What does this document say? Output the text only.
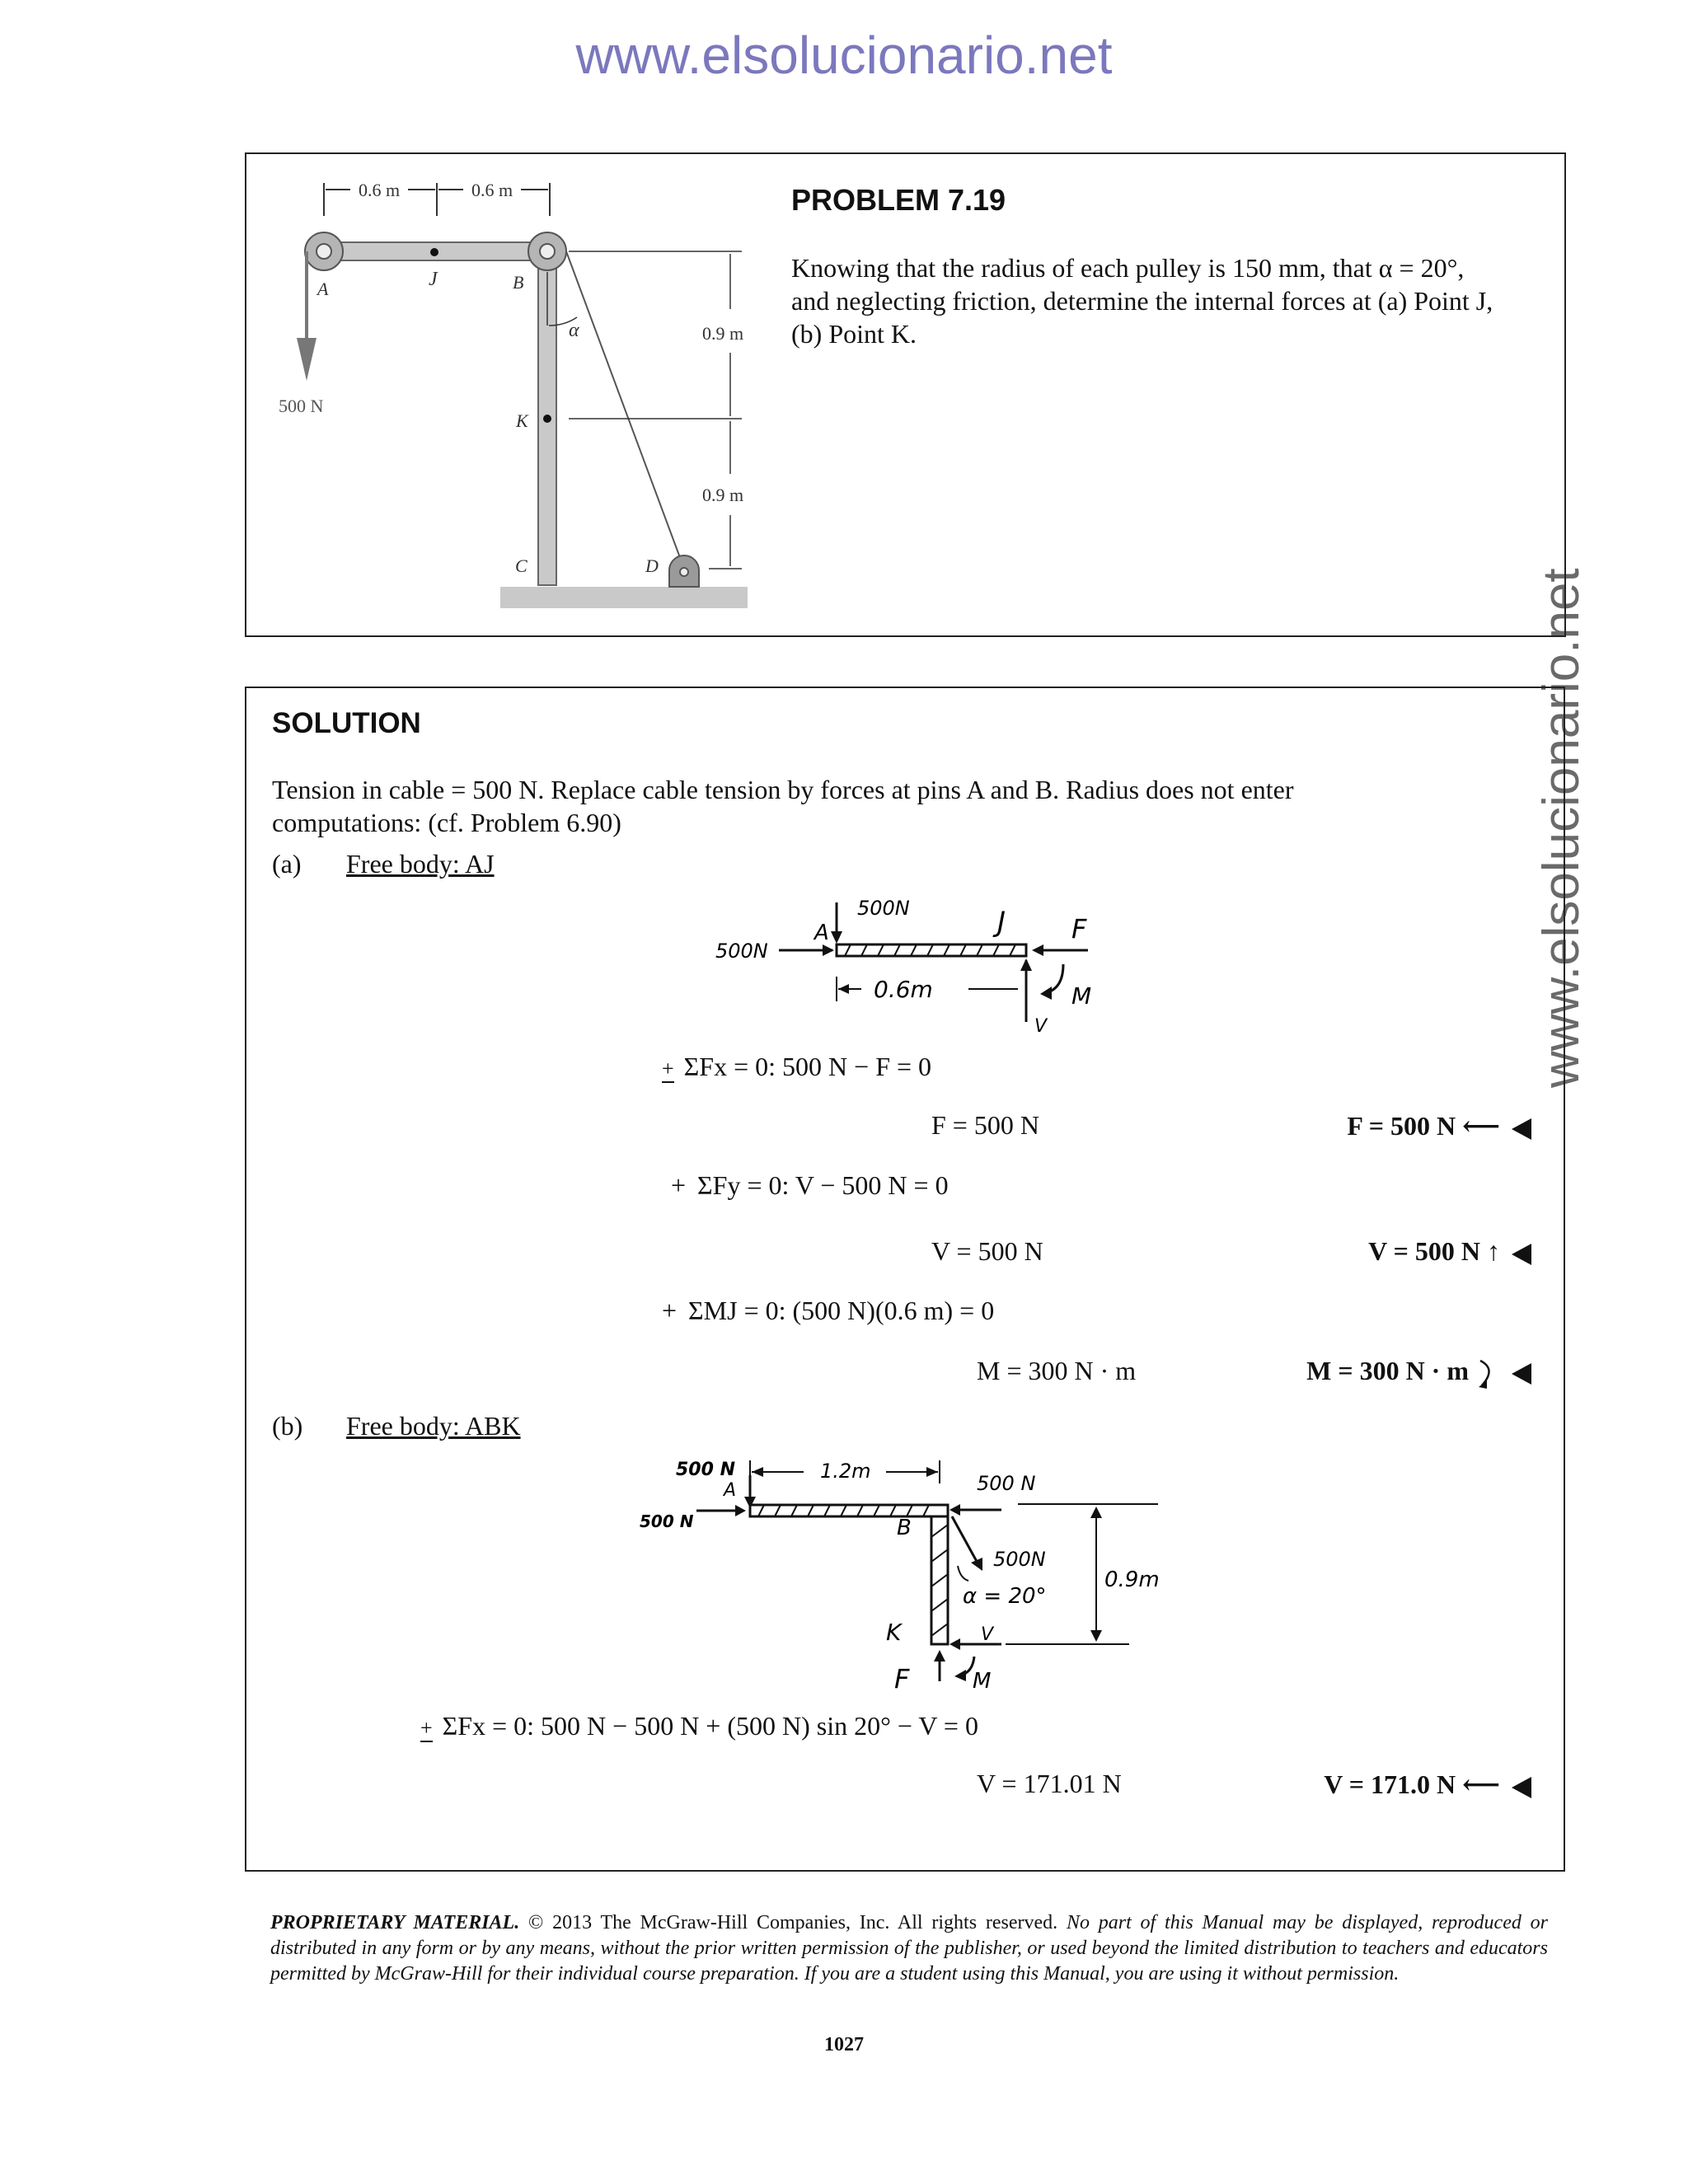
www.elsolucionario.net
www.elsolucionario.net
0.6 m	0.6 m
α	0.9 m
0.9 m
A	J	B
K
C	D
500 N
PROBLEM 7.19
Knowing that the radius of each pulley is 150 mm, that α = 20°,
and neglecting friction, determine the internal forces at (a) Point J,
(b) Point K.
SOLUTION
Tension in cable = 500 N. Replace cable tension by forces at pins A and B. Radius does not enter
computations: (cf. Problem 6.90)
(a) Free body: AJ
500N
500N
A	J F
M
V
0.6m
+ ΣFx = 0: 500 N − F = 0
F = 500 N	F = 500 N ⟵
+ ΣFy = 0: V − 500 N = 0
V = 500 N	V = 500 N ↑
+ ΣMJ = 0: (500 N)(0.6 m) = 0
M = 300 N · m	M = 300 N · m
(b) Free body: ABK
500 N
500 N
500 N
500N
1.2m
0.9m
α = 20°
A
B
K
F
V
M
+ ΣFx = 0: 500 N − 500 N + (500 N) sin 20° − V = 0
V = 171.01 N	V = 171.0 N ⟵
PROPRIETARY MATERIAL. © 2013 The McGraw-Hill Companies, Inc. All rights reserved. No part of this Manual may be displayed, reproduced or distributed in any form or by any means, without the prior written permission of the publisher, or used beyond the limited distribution to teachers and educators permitted by McGraw-Hill for their individual course preparation. If you are a student using this Manual, you are using it without permission.
1027
